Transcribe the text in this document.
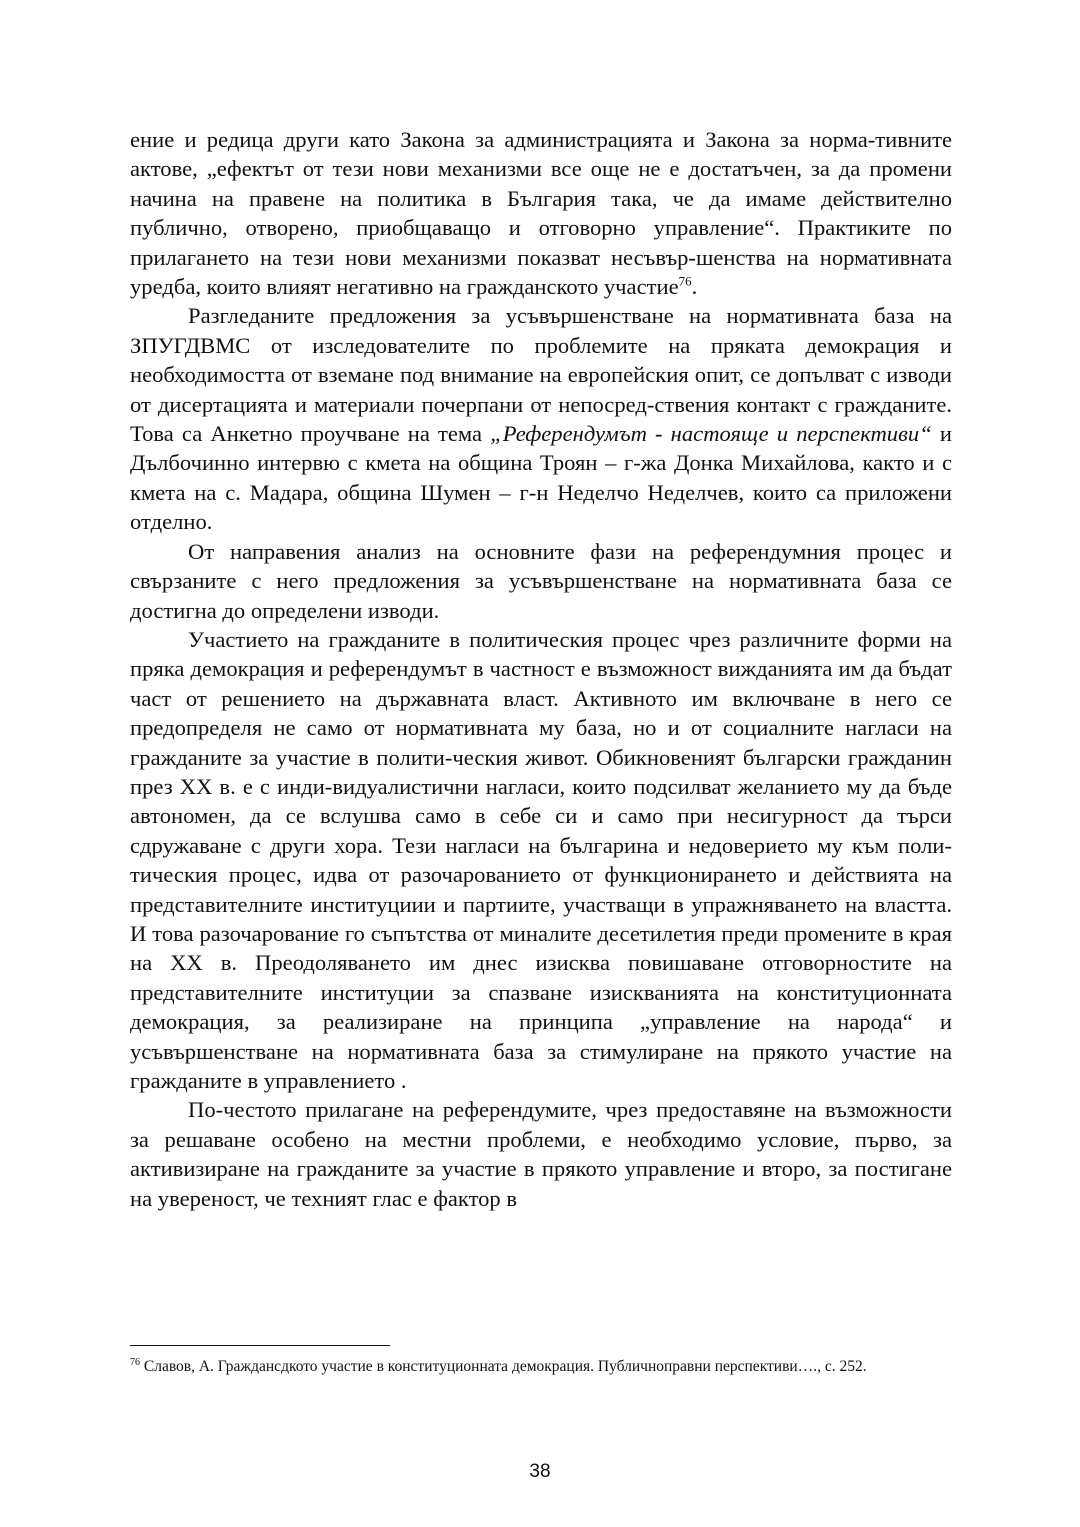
ение и редица други като Закона за администрацията и Закона за норма-тивните актове, „ефектът от тези нови механизми все още не е достатъчен, за да промени начина на правене на политика в България така, че да имаме действително публично, отворено, приобщаващо и отговорно управление“. Практиките по прилагането на тези нови механизми показват несъвър-шенства на нормативната уредба, които влияят негативно на гражданското участие$^{76}$.

Разгледаните предложения за усъвършенстване на нормативната база на ЗПУГДВМС от изследователите по проблемите на пряката демокрация и необходимостта от вземане под внимание на европейския опит, се допълват с изводи от дисертацията и материали почерпани от непосред-ствения контакт с гражданите. Това са Анкетно проучване на тема „Референдумът - настояще и перспективи“ и Дълбочинно интервю с кмета на община Троян – г-жа Донка Михайлова, както и с кмета на с. Мадара, община Шумен – г-н Неделчо Неделчев, които са приложени отделно.

От направения анализ на основните фази на референдумния процес и свързаните с него предложения за усъвършенстване на нормативната база се достигна до определени изводи.

Участието на гражданите в политическия процес чрез различните форми на пряка демокрация и референдумът в частност е възможност вижданията им да бъдат част от решението на държавната власт. Активното им включване в него се предопределя не само от нормативната му база, но и от социалните нагласи на гражданите за участие в полити-ческия живот. Обикновеният български гражданин през ХХ в. е с инди-видуалистични нагласи, които подсилват желанието му да бъде автономен, да се вслушва само в себе си и само при несигурност да търси сдружаване с други хора. Тези нагласи на българина и недоверието му към поли-тическия процес, идва от разочарованието от функционирането и действията на представителните институциии и партиите, участващи в упражняването на властта. И това разочарование го съпътства от миналите десетилетия преди промените в края на ХХ в. Преодоляването им днес изисква повишаване отговорностите на представителните институции за спазване изискванията на конституционната демокрация, за реализиране на принципа „управление на народа“ и усъвършенстване на нормативната база за стимулиране на прякото участие на гражданите в управлението .

По-честото прилагане на референдумите, чрез предоставяне на възможности за решаване особено на местни проблеми, е необходимо условие, първо, за активизиране на гражданите за участие в прякото управление и второ, за постигане на увереност, че техният глас е фактор в

$^{76}$ Славов, А. Граждансдкото участие в конституционната демокрация. Публичноправни перспективи…., с. 252.
38
